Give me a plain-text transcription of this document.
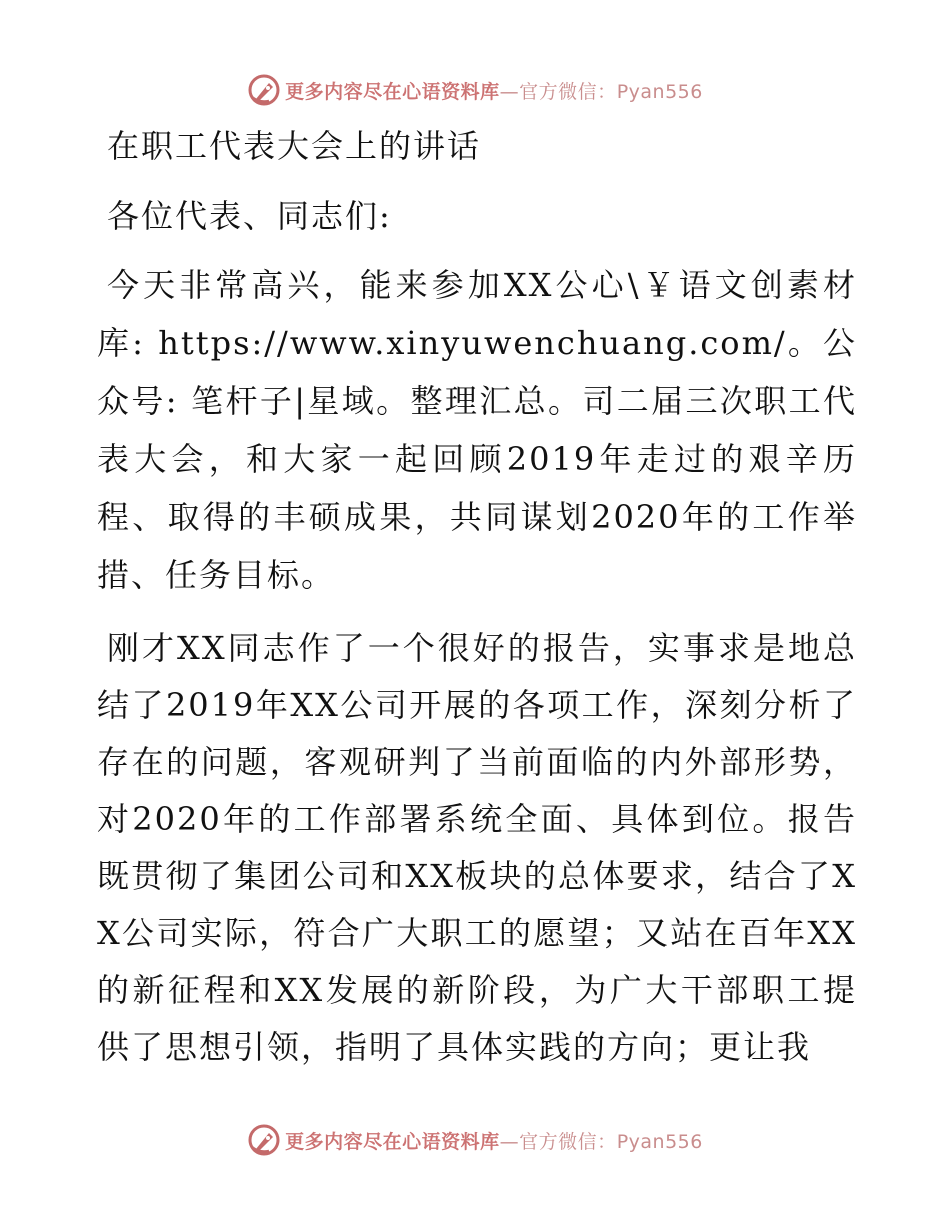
更多内容尽在心语资料库—官方微信：Pyan556
在职工代表大会上的讲话

各位代表、同志们:

今天非常高兴，能来参加XX公心\￥语文创素材库: https://www.xinyuwenchuang.com/。公众号: 笔杆子|星域。整理汇总。司二届三次职工代表大会，和大家一起回顾2019年走过的艰辛历程、取得的丰硕成果，共同谋划2020年的工作举措、任务目标。

刚才XX同志作了一个很好的报告，实事求是地总结了2019年XX公司开展的各项工作，深刻分析了存在的问题，客观研判了当前面临的内外部形势，对2020年的工作部署系统全面、具体到位。报告既贯彻了集团公司和XX板块的总体要求，结合了XX公司实际，符合广大职工的愿望；又站在百年XX的新征程和XX发展的新阶段，为广大干部职工提供了思想引领，指明了具体实践的方向；更让我

更多内容尽在心语资料库—官方微信：Pyan556
